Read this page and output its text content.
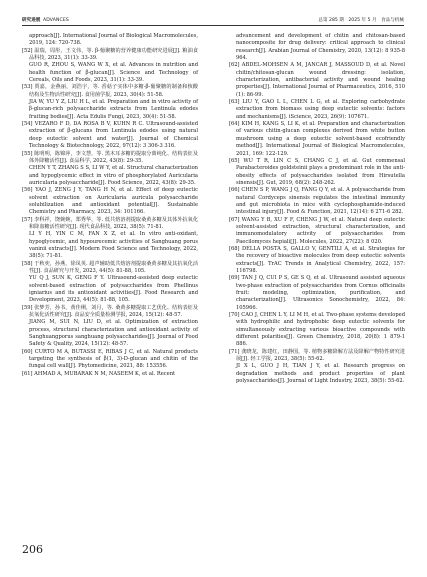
研究进展 ADVANCES	总第 285 期 2025 年 5 月 食品与机械

approach[J]. International Journal of Biological Macromolecules, 2019, 124: 720-738.

[52] 温瑞，周彤，王文伟，等. β-葡聚糖的营养健康功能研究进展[J]. 粮油食品科技, 2023, 31(1): 33-39.

GUO R, ZHOU S, WANG W X, et al. Advances in nutrition and health function of β-glucan[J]. Science and Technology of Cereals, Oils and Foods, 2023, 31(1): 33-39.

[53] 贾嘉，金燕丽，刘浩宇，等. 香菇子实体中多糖-β-葡聚糖的制备和核酸结构及生物活性研究[J]. 食用菌学报, 2023, 30(4): 51-58.

JIA W, YU Y Z, LIU H L, et al. Preparation and in vitro activity of β-glucan-rich polysaccharide extracts from Lentinula edodes fruiting bodies[J]. Acta Edulis Fungi, 2023, 30(4): 51-58.

[54] VEZARO F D, DA ROSA B V, KUHN R C. Ultrasound-assisted extraction of β-glucans from Lentinula edodes using natural deep eutectic solvent and water[J]. Journal of Chemical Technology & Biotechnology, 2022, 97(12): 3 306-3 316.

[55] 陈明明，陈锦萍，李文慧，等. 黑木耳多糖的提取分离纯化、结构表征及体外降糖活性[J]. 食品科学, 2022, 43(8): 29-35.

CHEN Y T, ZHANG S S, LI W Y, et al. Structural characterization and hypoglycemic effect in vitro of phosphorylated Auricularia auricularia polysaccharide[J]. Food Science, 2022, 43(8): 29-35.

[56] YAO J, ZENG J Y, TANG H N, et al. Effect of deep eutectic solvent extraction on Auricularia auricula polysaccharide solubilization and antioxidant potential[J]. Sustainable Chemistry and Pharmacy, 2023, 34: 101166.

[57] 李科祥，饶婉婉，郑秀华，等. 低共熔溶剂提取桑黄多糖及其体外抗氧化和降血糖活性研究[J]. 现代食品科技, 2022, 38(5): 71-81.

LI Y H, YIN C M, FAN X Z, et al. In vitro anti-oxidant, hypoglycemic, and hypourecemic activities of Sanghuang porus vaninii extracts[J]. Modern Food Science and Technology, 2022, 38(5): 71-81.

[58] 于秋奕，孙燕，徐凤英. 超声辅助低共熔溶剂提取桑黄多糖及其抗氧化活性[J]. 食品研究与开发, 2023, 44(5): 81-88, 105.

YU Q J, SUN K, GENG F Y. Ultrasound-assisted deep eutectic solvent-based extraction of polysaccharides from Phellinus igniarius and its antioxidant activities[J]. Food Research and Development, 2023, 44(5): 81-88, 105.

[59] 张梦芳，孙书，黄佳俐，刘月，等. 桑黄多糖提取工艺优化、结构表征及抗氧化活性研究[J]. 食品安全质量检测学报, 2024, 15(12): 48-57.

JIANG M, SUI N, LIU D, et al. Optimization of extraction process, structural characterization and antioxidant activity of Sanghuangporus sanghuang polysaccharides[J]. Journal of Food Safety & Quality, 2024, 15(12): 48-57.

[60] CURTO M A, BUTASSI E, RIBAS J C, et al. Natural products targeting the synthesis of β(1, 3)-D-glucan and chitin of the fungal cell wall[J]. Phytomedicine, 2021, 88: 153556.

[61] AHMAD A, MUBARAK N M, NASEEM K, et al. Recent

advancement and development of chitin and chitosan-based nanocomposite for drug delivery: critical approach to clinical research[J]. Arabian Journal of Chemistry, 2020, 13(12): 8 935-8 964.

[62] ABDEL-MOHSEN A M, JANCAR J, MASSOUD D, et al. Novel chitin/chitosan-glucan wound dressing: isolation, characterization, antibacterial activity and wound healing properties[J]. International Journal of Pharmaceutics, 2016, 510 (1): 86-99.

[63] LIU Y, GAO L L, CHEN L G, et al. Exploring carbohydrate extraction from biomass using deep eutectic solvents: factors and mechanisms[J]. iScience, 2023, 26(9): 107671.

[64] KIM H, KANG S, LI K, et al. Preparation and characterization of various chitin-glucan complexes derived from white button mushroom using a deep eutectic solvent-based ecofriendly method[J]. International Journal of Biological Macromolecules, 2021, 169: 122-129.

[65] WU T R, LIN C S, CHANG C J, et al. Gut commensal Parabacteroides goldsteinii plays a predominant role in the anti-obesity effects of polysaccharides isolated from Hirsutella sinensis[J]. Gut, 2019, 68(2): 248-262.

[66] CHEN S P, WANG J Q, FANG Q Y, et al. A polysaccharide from natural Cordyceps sinensis regulates the intestinal immunity and gut microbiota in mice with cyclophosphamide-induced intestinal injury[J]. Food & Function, 2021, 12(14): 6 271-6 282.

[67] WANG Y B, XU F F, CHENG J W, et al. Natural deep eutectic solvent-assisted extraction, structural characterization, and immunomodulatory activity of polysaccharides from Paecilomyces hepiali[J]. Molecules, 2022, 27(22): 8 020.

[68] DELLA POSTA S, GALLO V, GENTILI A, et al. Strategies for the recovery of bioactive molecules from deep eutectic solvents extracts[J]. TrAC Trends in Analytical Chemistry, 2022, 157: 116798.

[69] TAN J Q, CUI P S, GE S Q, et al. Ultrasound assisted aqueous two-phase extraction of polysaccharides from Cornus officinalis fruit: modeling, optimization, purification, and characterization[J]. Ultrasonics Sonochemistry, 2022, 84: 105966.

[70] CAO J, CHEN L Y, LI M H, et al. Two-phase systems developed with hydrophilic and hydrophobic deep eutectic solvents for simultaneously extracting various bioactive compounds with different polarities[J]. Green Chemistry, 2018, 20(8): 1 879-1 886.

[71] 龚晓龙，陈建红，田静国，等. 植物多糖降解方法及降解产物特性研究进展[J]. 轻工学报, 2023, 38(5): 55-62.

JI X L, GUO J H, TIAN J Y, et al. Research progress on degradation methods and product properties of plant polysaccharides[J]. Journal of Light Industry, 2023, 38(5): 55-62.

206
